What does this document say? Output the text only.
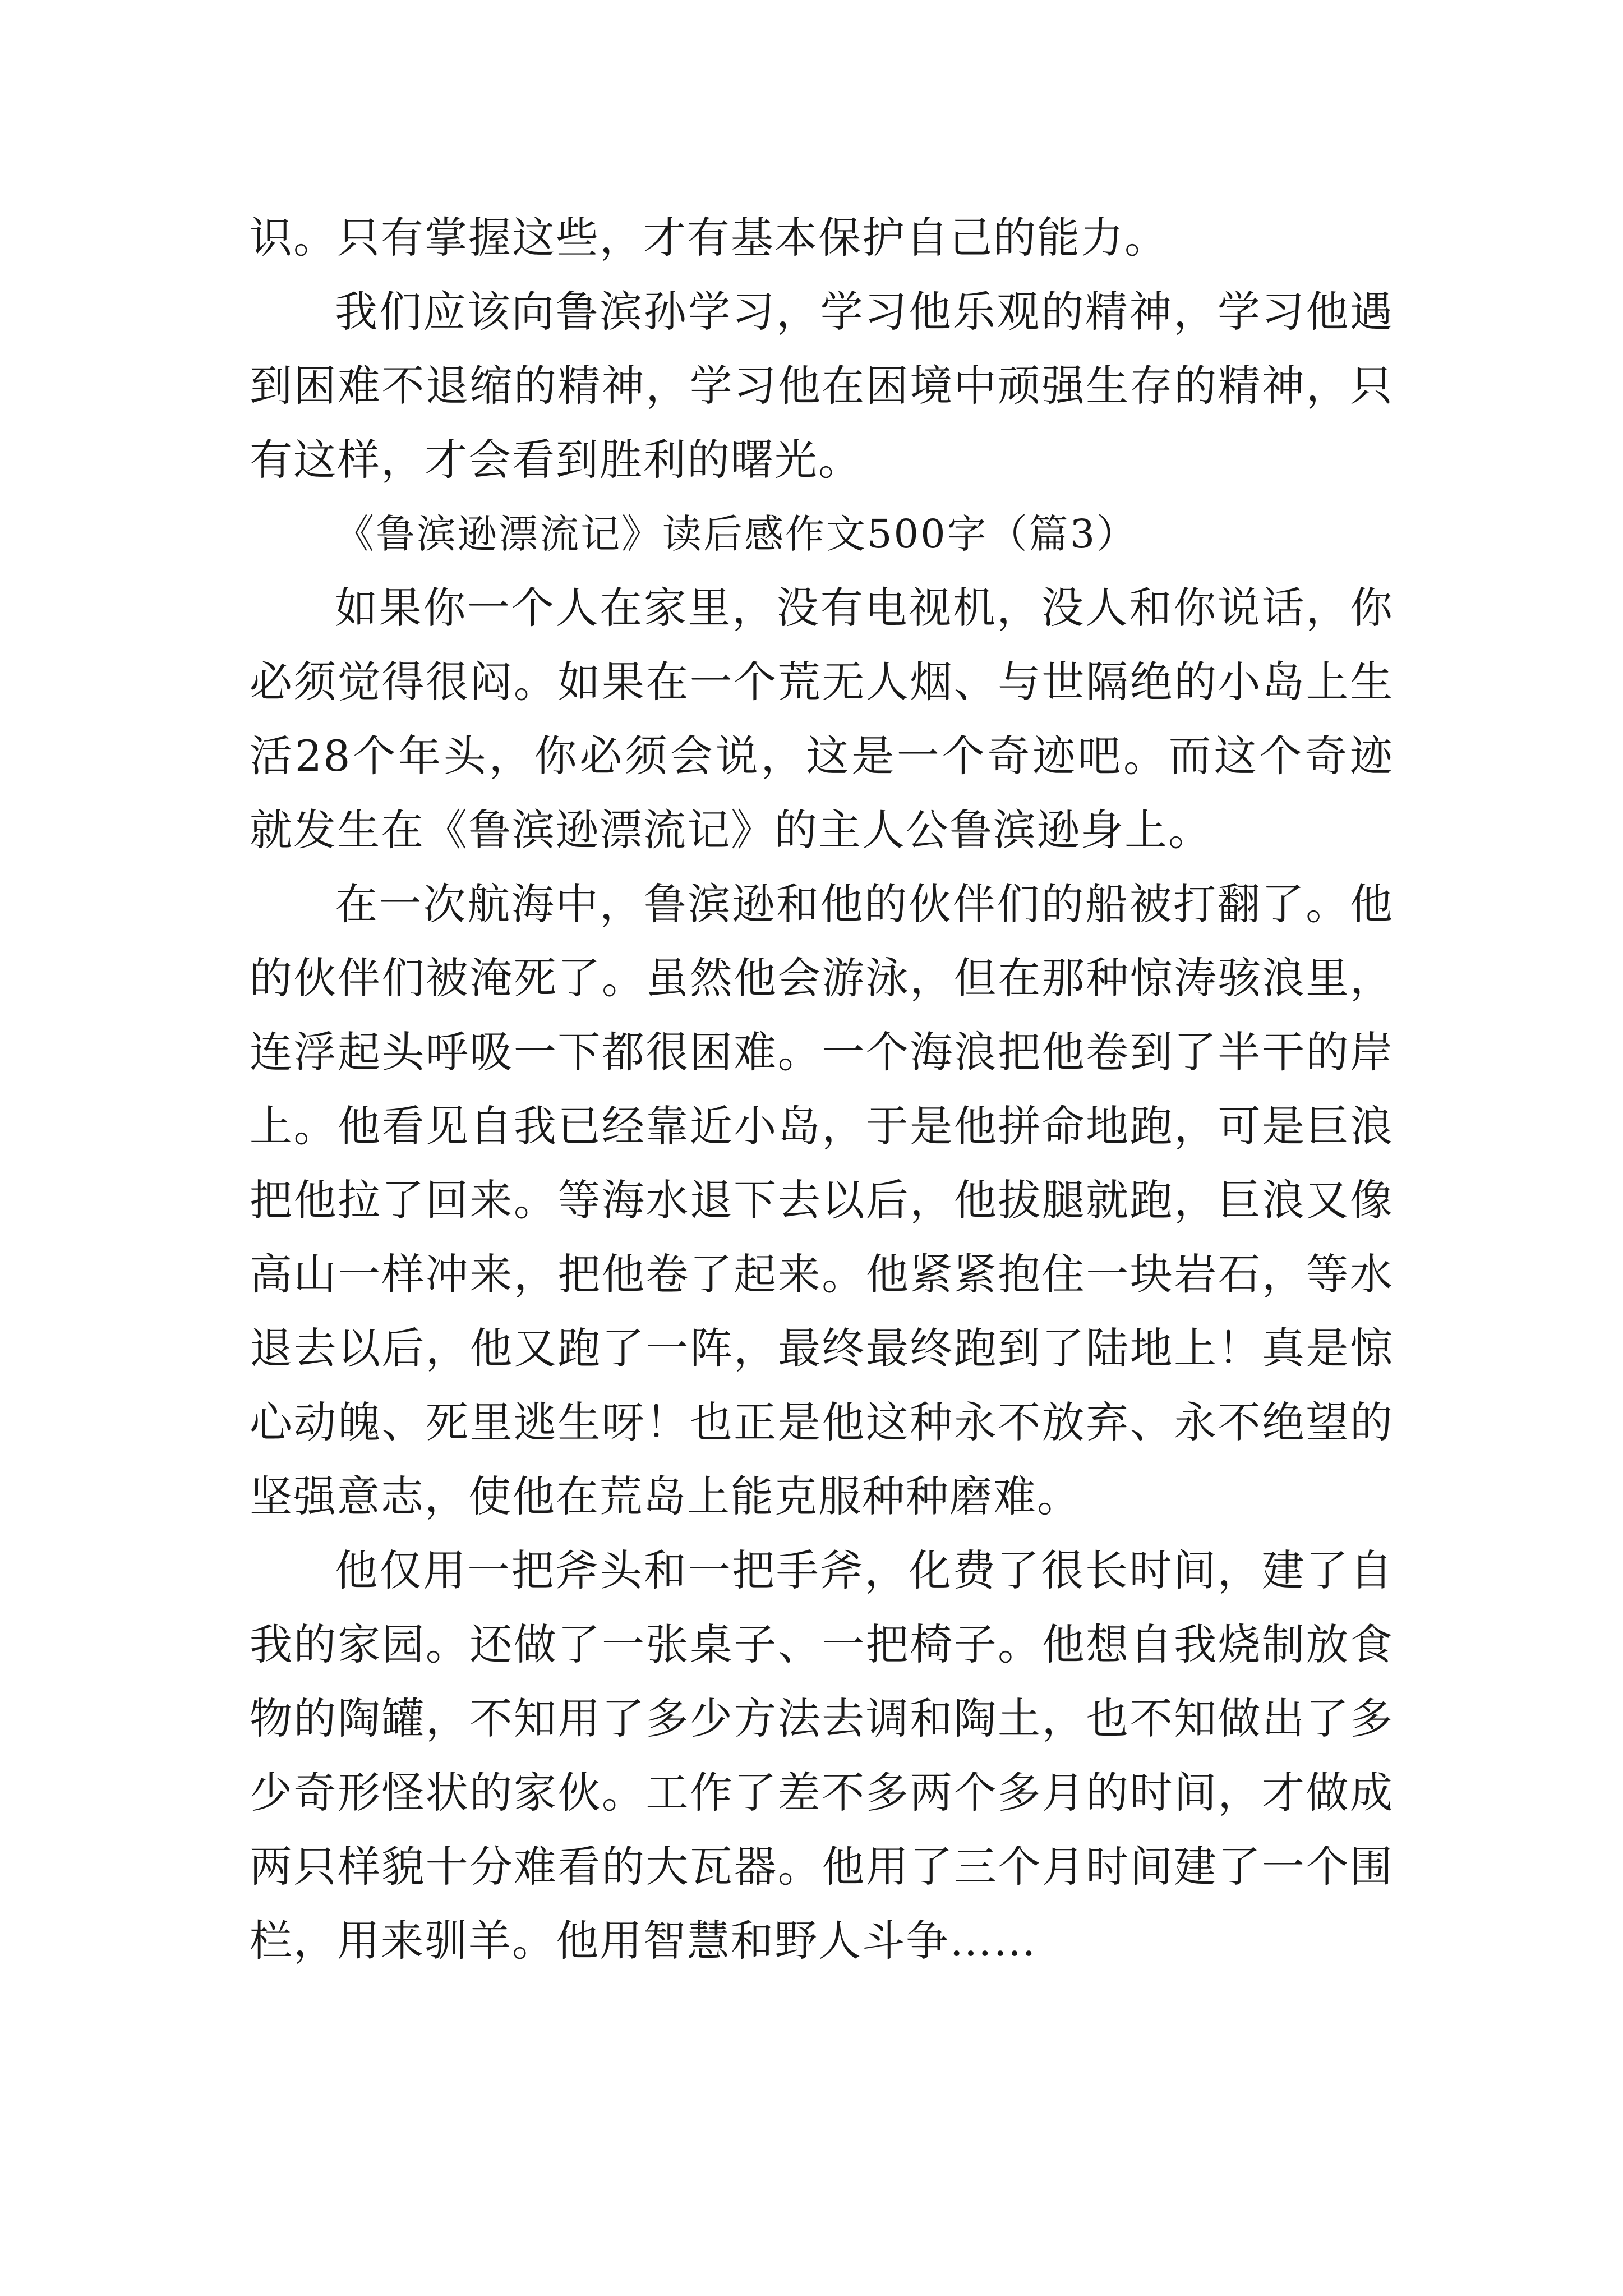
识。只有掌握这些，才有基本保护自己的能力。

我们应该向鲁滨孙学习，学习他乐观的精神，学习他遇到困难不退缩的精神，学习他在困境中顽强生存的精神，只有这样，才会看到胜利的曙光。

《鲁滨逊漂流记》读后感作文500字（篇3）

如果你一个人在家里，没有电视机，没人和你说话，你必须觉得很闷。如果在一个荒无人烟、与世隔绝的小岛上生活28个年头，你必须会说，这是一个奇迹吧。而这个奇迹就发生在《鲁滨逊漂流记》的主人公鲁滨逊身上。

在一次航海中，鲁滨逊和他的伙伴们的船被打翻了。他的伙伴们被淹死了。虽然他会游泳，但在那种惊涛骇浪里，连浮起头呼吸一下都很困难。一个海浪把他卷到了半干的岸上。他看见自我已经靠近小岛，于是他拼命地跑，可是巨浪把他拉了回来。等海水退下去以后，他拔腿就跑，巨浪又像高山一样冲来，把他卷了起来。他紧紧抱住一块岩石，等水退去以后，他又跑了一阵，最终最终跑到了陆地上！真是惊心动魄、死里逃生呀！也正是他这种永不放弃、永不绝望的坚强意志，使他在荒岛上能克服种种磨难。

他仅用一把斧头和一把手斧，化费了很长时间，建了自我的家园。还做了一张桌子、一把椅子。他想自我烧制放食物的陶罐，不知用了多少方法去调和陶土，也不知做出了多少奇形怪状的家伙。工作了差不多两个多月的时间，才做成两只样貌十分难看的大瓦器。他用了三个月时间建了一个围栏，用来驯羊。他用智慧和野人斗争……
